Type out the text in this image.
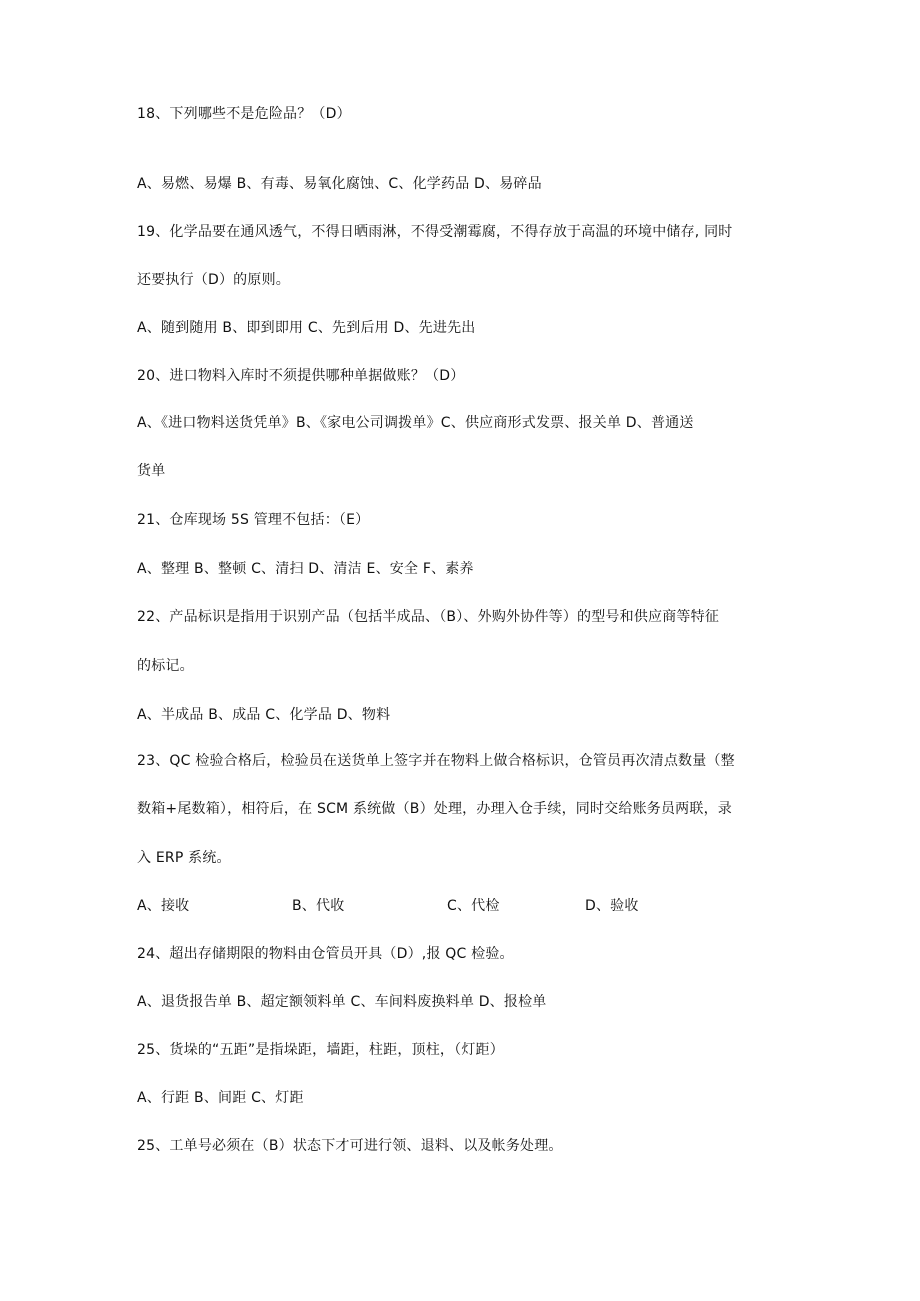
18、下列哪些不是危险品？（D）
A、易燃、易爆 B、有毒、易氧化腐蚀、C、化学药品 D、易碎品
19、化学品要在通风透气，不得日晒雨淋，不得受潮霉腐，不得存放于高温的环境中储存, 同时
还要执行（D）的原则。
A、随到随用 B、即到即用 C、先到后用 D、先进先出
20、进口物料入库时不须提供哪种单据做账？（D）
A、《进口物料送货凭单》B、《家电公司调拨单》C、供应商形式发票、报关单 D、普通送
货单
21、仓库现场 5S 管理不包括：（E）
A、整理 B、整顿 C、清扫 D、清洁 E、安全 F、素养
22、产品标识是指用于识别产品（包括半成品、（B）、外购外协件等）的型号和供应商等特征
的标记。
A、半成品 B、成品 C、化学品 D、物料
23、QC 检验合格后，检验员在送货单上签字并在物料上做合格标识，仓管员再次清点数量（整
数箱+尾数箱），相符后，在 SCM 系统做（B）处理，办理入仓手续，同时交给账务员两联，录
入 ERP 系统。
A、接收	B、代收	C、代检	D、验收
24、超出存储期限的物料由仓管员开具（D）,报 QC 检验。
A、退货报告单 B、超定额领料单 C、车间料废换料单 D、报检单
25、货垛的“五距”是指垛距，墙距，柱距，顶柱，（灯距）
A、行距 B、间距 C、灯距
25、工单号必须在（B）状态下才可进行领、退料、以及帐务处理。
